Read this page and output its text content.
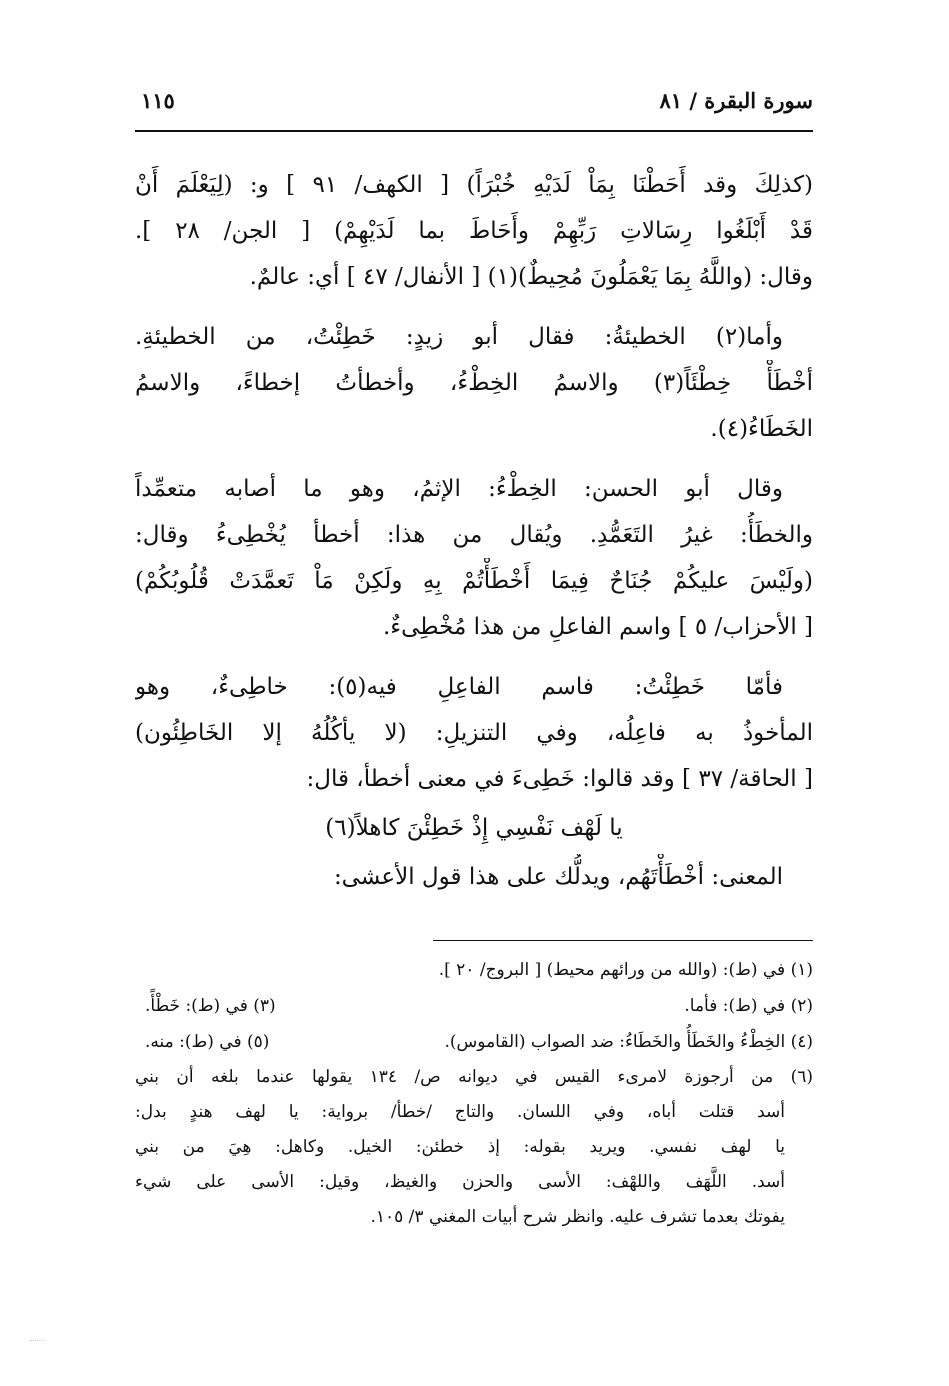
سورة البقرة / ٨١
١١٥
(كذلِكَ وقد أَحَطْنَا بِمَاْ لَدَيْهِ خُبْرَاً) [ الكهف/ ٩١ ] و: (لِيَعْلَمَ أَنْ
قَدْ أَبْلَغُوا رِسَالاتِ رَبِّهِمْ وأَحَاطَ بما لَدَيْهِمْ) [ الجن/ ٢٨ ].
وقال: (واللَّهُ بِمَا يَعْمَلُونَ مُحِيطٌ)(١) [ الأنفال/ ٤٧ ] أي: عالمٌ.
وأما(٢) الخطيئةُ: فقال أبو زيدٍ: خَطِئْتُ، من الخطيئةِ.
أخْطَأْ خِطْئَاً(٣) والاسمُ الخِطْءُ، وأخطأتُ إخطاءً، والاسمُ
الخَطَاءُ(٤).
وقال أبو الحسن: الخِطْءُ: الإثمُ، وهو ما أصابه متعمِّداً
والخطَأُ: غيرُ التَعَمُّدِ. ويُقال من هذا: أخطأ يُخْطِىءُ وقال:
(ولَيْسَ عليكُمْ جُنَاحٌ فِيمَا أَخْطَأْتُمْ بِهِ ولَكِنْ مَاْ تَعمَّدَتْ قُلُوبُكُمْ)
[ الأحزاب/ ٥ ] واسم الفاعلِ من هذا مُخْطِىءٌ.
فأمّا خَطِئْتُ: فاسم الفاعِلِ فيه(٥): خاطِىءٌ، وهو
المأخوذُ به فاعِلُه، وفي التنزيلِ: (لا يأكُلُهُ إلا الخَاطِئُون)
[ الحاقة/ ٣٧ ] وقد قالوا: خَطِىءَ في معنى أخطأ، قال:
يا لَهْف نَفْسِي إِذْ خَطِئْنَ كاهلاً(٦)
المعنى: أخْطَأْتَهُم، ويدلُّك على هذا قول الأعشى:
(١) في (ط): (والله من ورائهم محيط) [ البروج/ ٢٠ ].
(٢) في (ط): فأما.
(٣) في (ط): خَطْأً.
(٤) الخِطْءُ والخَطَأُ والخَطَاءُ: ضد الصواب (القاموس).
(٥) في (ط): منه.
(٦) من أرجوزة لامرىء القيس في ديوانه ص/ ١٣٤ يقولها عندما بلغه أن بني
أسد قتلت أباه، وفي اللسان. والتاج /خطأ/ برواية: يا لهف هندٍ بدل:
يا لهف نفسي. ويريد بقوله: إذ خطئن: الخيل. وكاهل: هِيَ من بني
أسد. اللَّهَف واللهْف: الأسى والحزن والغيظ، وقيل: الأسى على شيء
يفوتك بعدما تشرف عليه. وانظر شرح أبيات المغني ٣/ ١٠٥.
